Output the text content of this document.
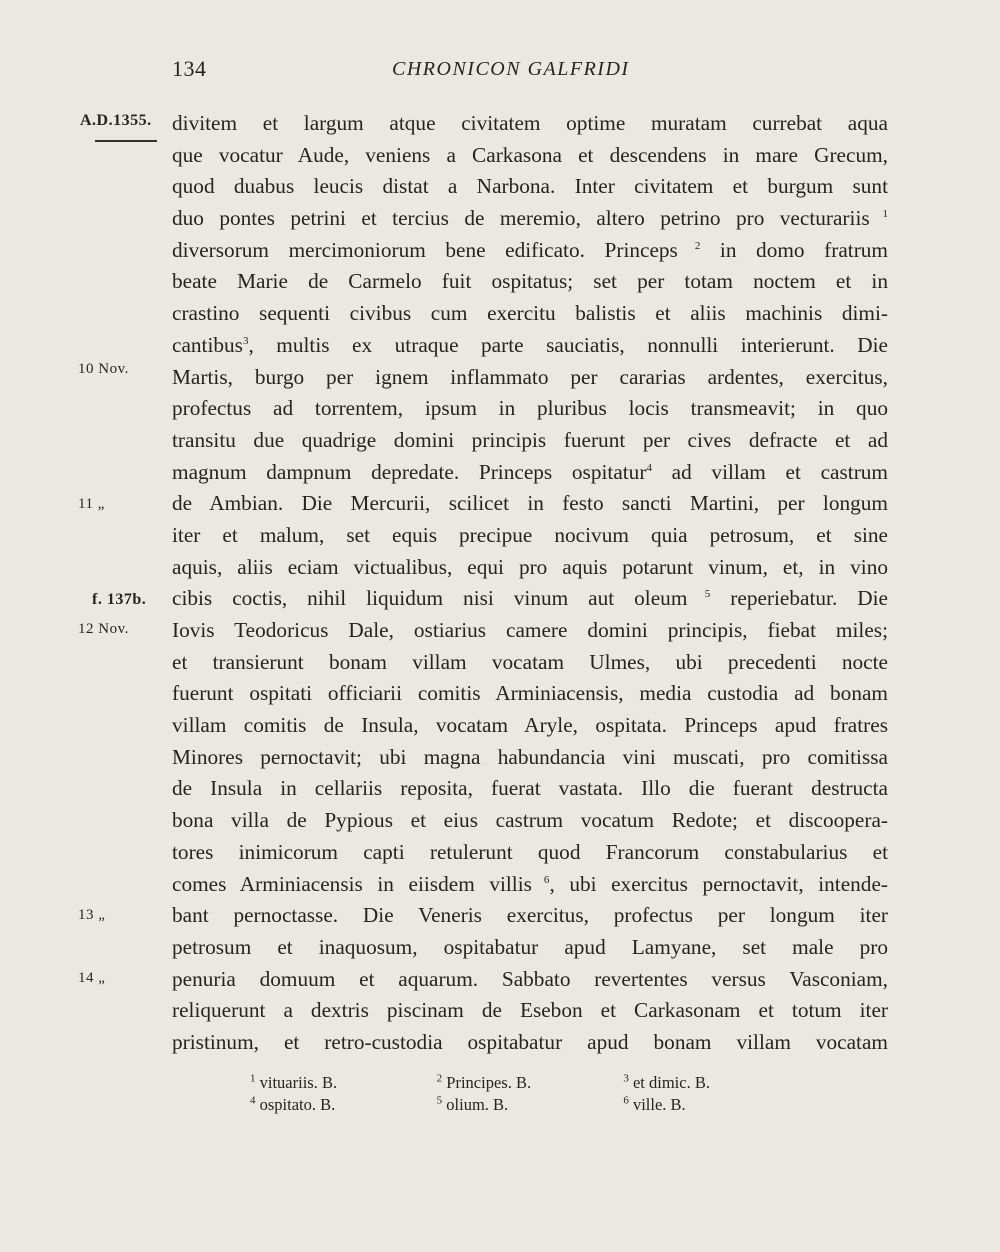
134	CHRONICON GALFRIDI
A.D.1355.
10 Nov.
11 „
f. 137b.
12 Nov.
13 „
14 „
divitem et largum atque civitatem optime muratam currebat aqua
que vocatur Aude, veniens a Carkasona et descendens in mare Grecum,
quod duabus leucis distat a Narbona. Inter civitatem et burgum sunt
duo pontes petrini et tercius de meremio, altero petrino pro vecturariis $^1$
diversorum mercimoniorum bene edificato. Princeps $^2$ in domo fratrum
beate Marie de Carmelo fuit ospitatus; set per totam noctem et in
crastino sequenti civibus cum exercitu balistis et aliis machinis dimi-
cantibus$^3$, multis ex utraque parte sauciatis, nonnulli interierunt. Die
Martis, burgo per ignem inflammato per cararias ardentes, exercitus,
profectus ad torrentem, ipsum in pluribus locis transmeavit; in quo
transitu due quadrige domini principis fuerunt per cives defracte et ad
magnum dampnum depredate. Princeps ospitatur$^4$ ad villam et castrum
de Ambian. Die Mercurii, scilicet in festo sancti Martini, per longum
iter et malum, set equis precipue nocivum quia petrosum, et sine
aquis, aliis eciam victualibus, equi pro aquis potarunt vinum, et, in vino
cibis coctis, nihil liquidum nisi vinum aut oleum $^5$ reperiebatur. Die
Iovis Teodoricus Dale, ostiarius camere domini principis, fiebat miles;
et transierunt bonam villam vocatam Ulmes, ubi precedenti nocte
fuerunt ospitati officiarii comitis Arminiacensis, media custodia ad bonam
villam comitis de Insula, vocatam Aryle, ospitata. Princeps apud fratres
Minores pernoctavit; ubi magna habundancia vini muscati, pro comitissa
de Insula in cellariis reposita, fuerat vastata. Illo die fuerant destructa
bona villa de Pypious et eius castrum vocatum Redote; et discoopera-
tores inimicorum capti retulerunt quod Francorum constabularius et
comes Arminiacensis in eiisdem villis $^6$, ubi exercitus pernoctavit, intende-
bant pernoctasse. Die Veneris exercitus, profectus per longum iter
petrosum et inaquosum, ospitabatur apud Lamyane, set male pro
penuria domuum et aquarum. Sabbato revertentes versus Vasconiam,
reliquerunt a dextris piscinam de Esebon et Carkasonam et totum iter
pristinum, et retro-custodia ospitabatur apud bonam villam vocatam
$^1$ vituariis. B.	$^2$ Principes. B.	$^3$ et dimic. B.
$^4$ ospitato. B.	$^5$ olium. B.	$^6$ ville. B.
